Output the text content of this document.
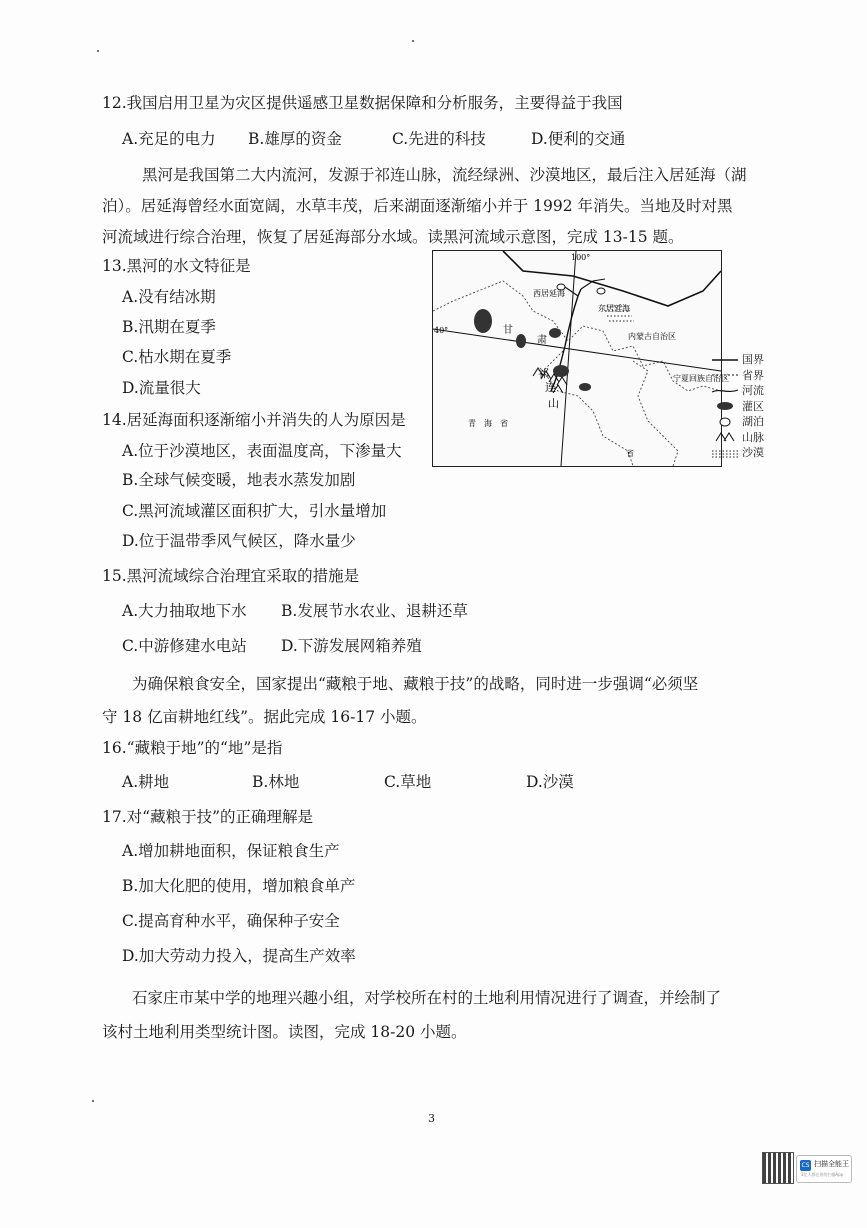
12.我国启用卫星为灾区提供遥感卫星数据保障和分析服务，主要得益于我国
A.充足的电力 B.雄厚的资金	C.先进的科技	D.便利的交通
黑河是我国第二大内流河，发源于祁连山脉，流经绿洲、沙漠地区，最后注入居延海（湖
泊）。居延海曾经水面宽阔，水草丰茂，后来湖面逐渐缩小并于 1992 年消失。当地及时对黑
河流域进行综合治理，恢复了居延海部分水域。读黑河流域示意图，完成 13-15 题。
13.黑河的水文特征是
A.没有结冰期
B.汛期在夏季
C.枯水期在夏季
D.流量很大
14.居延海面积逐渐缩小并消失的人为原因是
A.位于沙漠地区，表面温度高，下渗量大
B.全球气候变暖，地表水蒸发加剧
C.黑河流域灌区面积扩大，引水量增加
D.位于温带季风气候区，降水量少
15.黑河流域综合治理宜采取的措施是
A.大力抽取地下水 B.发展节水农业、退耕还草
C.中游修建水电站 D.下游发展网箱养殖
为确保粮食安全，国家提出“藏粮于地、藏粮于技”的战略，同时进一步强调“必须坚
守 18 亿亩耕地红线”。据此完成 16-17 小题。
16.“藏粮于地”的“地”是指
A.耕地	B.林地	C.草地	D.沙漠
17.对“藏粮于技”的正确理解是
A.增加耕地面积，保证粮食生产
B.加大化肥的使用，增加粮食单产
C.提高育种水平，确保种子安全
D.加大劳动力投入，提高生产效率
石家庄市某中学的地理兴趣小组，对学校所在村的土地利用情况进行了调查，并绘制了
该村土地利用类型统计图。读图，完成 18-20 小题。
100°
40°
西居延海
东居延海
内蒙古自治区
甘
肃
祁
连
山
青　海　省
宁夏回族自治区
省
国界
省界
河流
灌区
湖泊
山脉
沙漠
3
CS 扫描全能王
3亿人都在用的扫描App
